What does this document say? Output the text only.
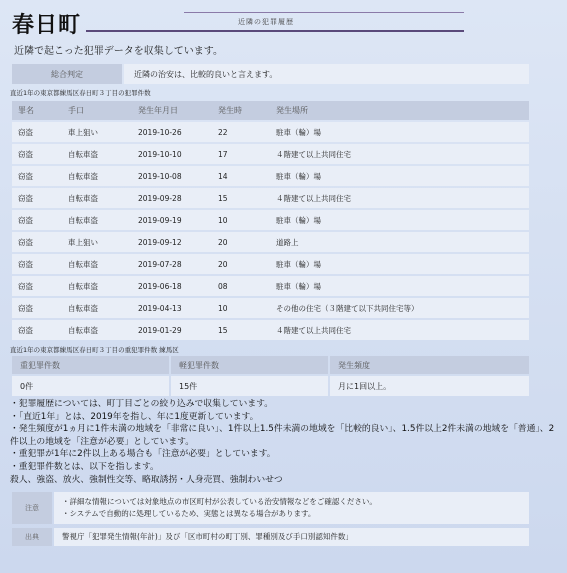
春日町	近隣の犯罪履歴
近隣で起こった犯罪データを収集しています。
総合判定	近隣の治安は、比較的良いと言えます。
直近1年の東京都練馬区春日町３丁目の犯罪件数
罪名	手口	発生年月日	発生時	発生場所
窃盗	車上狙い	2019-10-26	22	駐車（輪）場
窃盗	自転車盗	2019-10-10	17	４階建て以上共同住宅
窃盗	自転車盗	2019-10-08	14	駐車（輪）場
窃盗	自転車盗	2019-09-28	15	４階建て以上共同住宅
窃盗	自転車盗	2019-09-19	10	駐車（輪）場
窃盗	車上狙い	2019-09-12	20	道路上
窃盗	自転車盗	2019-07-28	20	駐車（輪）場
窃盗	自転車盗	2019-06-18	08	駐車（輪）場
窃盗	自転車盗	2019-04-13	10	その他の住宅（３階建て以下共同住宅等）
窃盗	自転車盗	2019-01-29	15	４階建て以上共同住宅
直近1年の東京都練馬区春日町３丁目の重犯罪件数 練馬区
重犯罪件数	軽犯罪件数	発生頻度
0件	15件	月に1回以上。
・犯罪履歴については、町丁目ごとの絞り込みで収集しています。
・「直近1年」とは、2019年を指し、年に1度更新しています。
・発生頻度が1ヵ月に1件未満の地域を「非常に良い」、1件以上1.5件未満の地域を「比較的良い」、1.5件以上2件未満の地域を「普通」、2件以上の地域を「注意が必要」としています。
・重犯罪が1年に2件以上ある場合も「注意が必要」としています。
・重犯罪件数とは、以下を指します。
殺人、強盗、放火、強制性交等、略取誘拐・人身売買、強制わいせつ
注意
・詳細な情報については対象地点の市区町村が公表している治安情報などをご確認ください。
・システムで自動的に処理しているため、実態とは異なる場合があります。
出典	警視庁「犯罪発生情報(年計)」及び「区市町村の町丁別、罪種別及び手口別認知件数」
